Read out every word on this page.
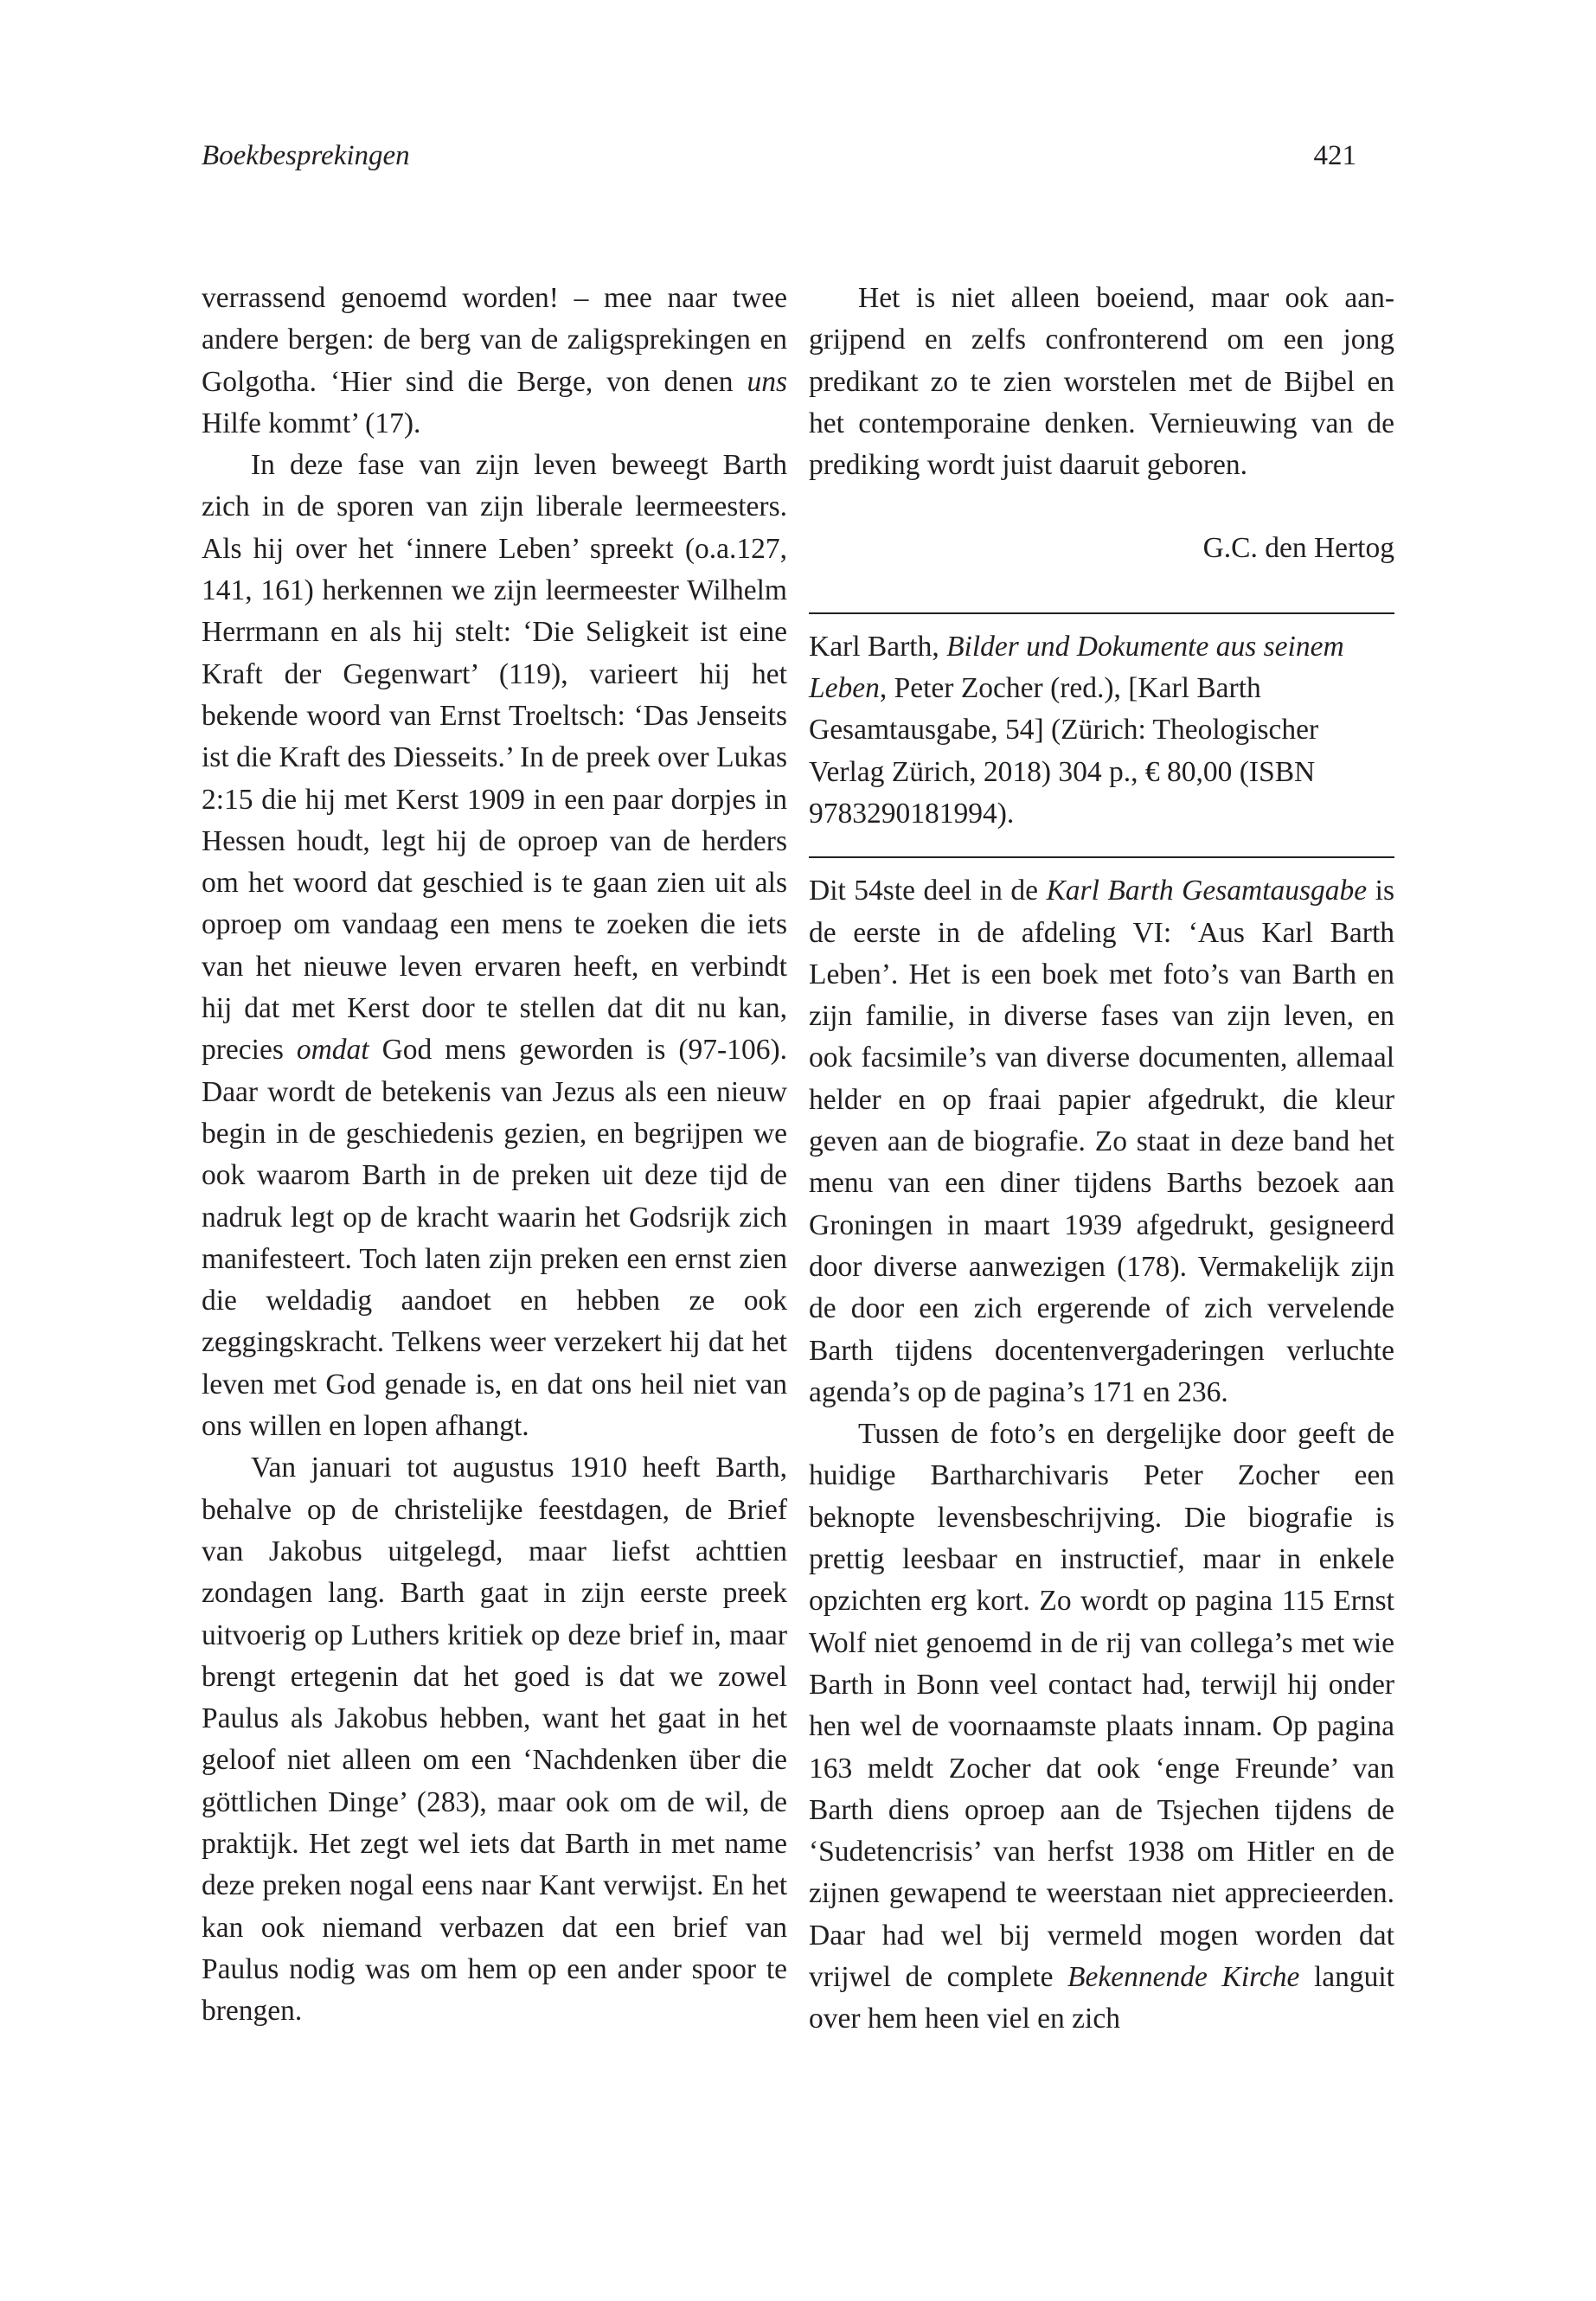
Boekbesprekingen	421

verrassend genoemd worden! – mee naar twee andere bergen: de berg van de zaligsprekingen en Golgotha. ‘Hier sind die Berge, von denen uns Hilfe kommt’ (17).

In deze fase van zijn leven beweegt Barth zich in de sporen van zijn liberale leermeesters. Als hij over het ‘innere Leben’ spreekt (o.a.127, 141, 161) herkennen we zijn leermeester Wilhelm Herrmann en als hij stelt: ‘Die Seligkeit ist eine Kraft der Gegenwart’ (119), varieert hij het bekende woord van Ernst Troeltsch: ‘Das Jenseits ist die Kraft des Diesseits.’ In de preek over Lukas 2:15 die hij met Kerst 1909 in een paar dorpjes in Hessen houdt, legt hij de oproep van de herders om het woord dat geschied is te gaan zien uit als oproep om vandaag een mens te zoeken die iets van het nieuwe leven ervaren heeft, en verbindt hij dat met Kerst door te stellen dat dit nu kan, precies omdat God mens geworden is (97-106). Daar wordt de betekenis van Jezus als een nieuw begin in de geschiedenis gezien, en begrijpen we ook waarom Barth in de preken uit deze tijd de nadruk legt op de kracht waarin het Godsrijk zich manifesteert. Toch laten zijn preken een ernst zien die weldadig aandoet en hebben ze ook zeggingskracht. Telkens weer verzekert hij dat het leven met God genade is, en dat ons heil niet van ons willen en lopen afhangt.

Van januari tot augustus 1910 heeft Barth, behalve op de christelijke feestdagen, de Brief van Jakobus uitgelegd, maar liefst achttien zondagen lang. Barth gaat in zijn eerste preek uitvoerig op Luthers kritiek op deze brief in, maar brengt ertegenin dat het goed is dat we zowel Paulus als Jakobus hebben, want het gaat in het geloof niet alleen om een ‘Nachdenken über die göttlichen Dinge’ (283), maar ook om de wil, de praktijk. Het zegt wel iets dat Barth in met name deze preken nogal eens naar Kant verwijst. En het kan ook niemand verbazen dat een brief van Paulus nodig was om hem op een ander spoor te brengen.

Het is niet alleen boeiend, maar ook aangrijpend en zelfs confronterend om een jong predikant zo te zien worstelen met de Bijbel en het contemporaine denken. Vernieuwing van de prediking wordt juist daaruit geboren.

G.C. den Hertog

Karl Barth, Bilder und Dokumente aus seinem Leben, Peter Zocher (red.), [Karl Barth Gesamtausgabe, 54] (Zürich: Theologischer Verlag Zürich, 2018) 304 p., € 80,00 (ISBN 9783290181994).

Dit 54ste deel in de Karl Barth Gesamtausgabe is de eerste in de afdeling VI: ‘Aus Karl Barth Leben’. Het is een boek met foto’s van Barth en zijn familie, in diverse fases van zijn leven, en ook facsimile’s van diverse documenten, allemaal helder en op fraai papier afgedrukt, die kleur geven aan de biografie. Zo staat in deze band het menu van een diner tijdens Barths bezoek aan Groningen in maart 1939 afgedrukt, gesigneerd door diverse aanwezigen (178). Vermakelijk zijn de door een zich ergerende of zich vervelende Barth tijdens docentenvergaderingen verluchte agenda’s op de pagina’s 171 en 236.

Tussen de foto’s en dergelijke door geeft de huidige Bartharchivaris Peter Zocher een beknopte levensbeschrijving. Die biografie is prettig leesbaar en instructief, maar in enkele opzichten erg kort. Zo wordt op pagina 115 Ernst Wolf niet genoemd in de rij van collega’s met wie Barth in Bonn veel contact had, terwijl hij onder hen wel de voornaamste plaats innam. Op pagina 163 meldt Zocher dat ook ‘enge Freunde’ van Barth diens oproep aan de Tsjechen tijdens de ‘Sudetencrisis’ van herfst 1938 om Hitler en de zijnen gewapend te weerstaan niet apprecieerden. Daar had wel bij vermeld mogen worden dat vrijwel de complete Bekennende Kirche languit over hem heen viel en zich
